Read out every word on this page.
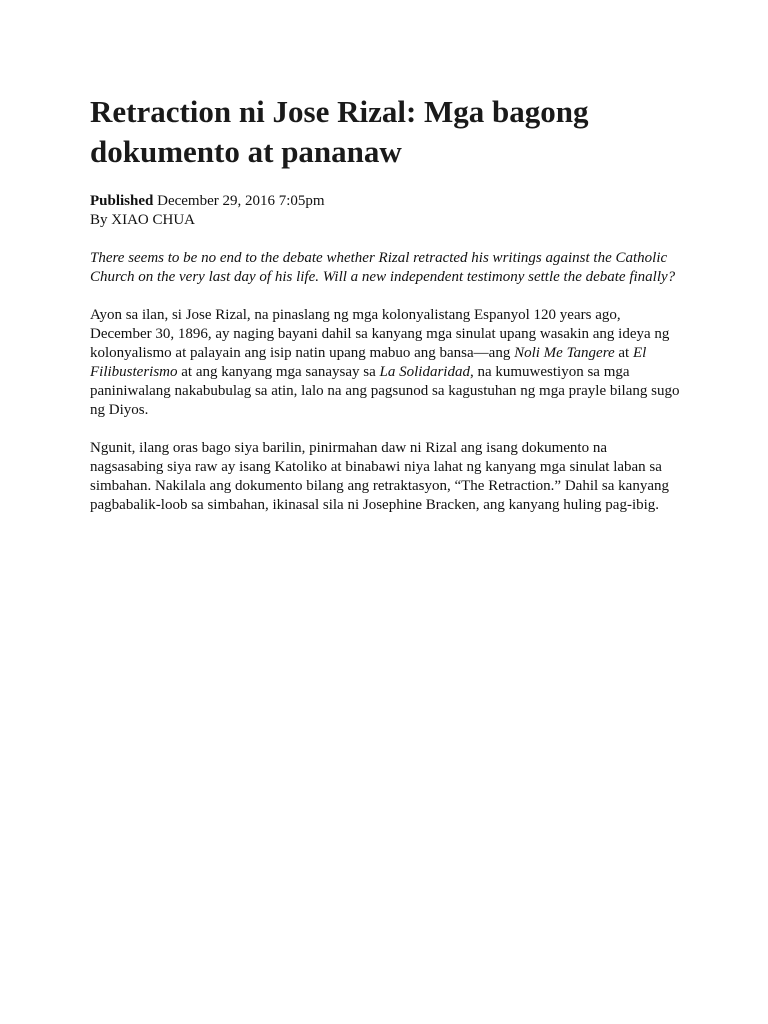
Retraction ni Jose Rizal: Mga bagong dokumento at pananaw
Published December 29, 2016 7:05pm
By XIAO CHUA
There seems to be no end to the debate whether Rizal retracted his writings against the Catholic Church on the very last day of his life. Will a new independent testimony settle the debate finally?

Ayon sa ilan, si Jose Rizal, na pinaslang ng mga kolonyalistang Espanyol 120 years ago, December 30, 1896, ay naging bayani dahil sa kanyang mga sinulat upang wasakin ang ideya ng kolonyalismo at palayain ang isip natin upang mabuo ang bansa—ang Noli Me Tangere at El Filibusterismo at ang kanyang mga sanaysay sa La Solidaridad, na kumuwestiyon sa mga paniniwalang nakabubulag sa atin, lalo na ang pagsunod sa kagustuhan ng mga prayle bilang sugo ng Diyos.

Ngunit, ilang oras bago siya barilin, pinirmahan daw ni Rizal ang isang dokumento na nagsasabing siya raw ay isang Katoliko at binabawi niya lahat ng kanyang mga sinulat laban sa simbahan. Nakilala ang dokumento bilang ang retraktasyon, “The Retraction.” Dahil sa kanyang pagbabalik-loob sa simbahan, ikinasal sila ni Josephine Bracken, ang kanyang huling pag-ibig.
